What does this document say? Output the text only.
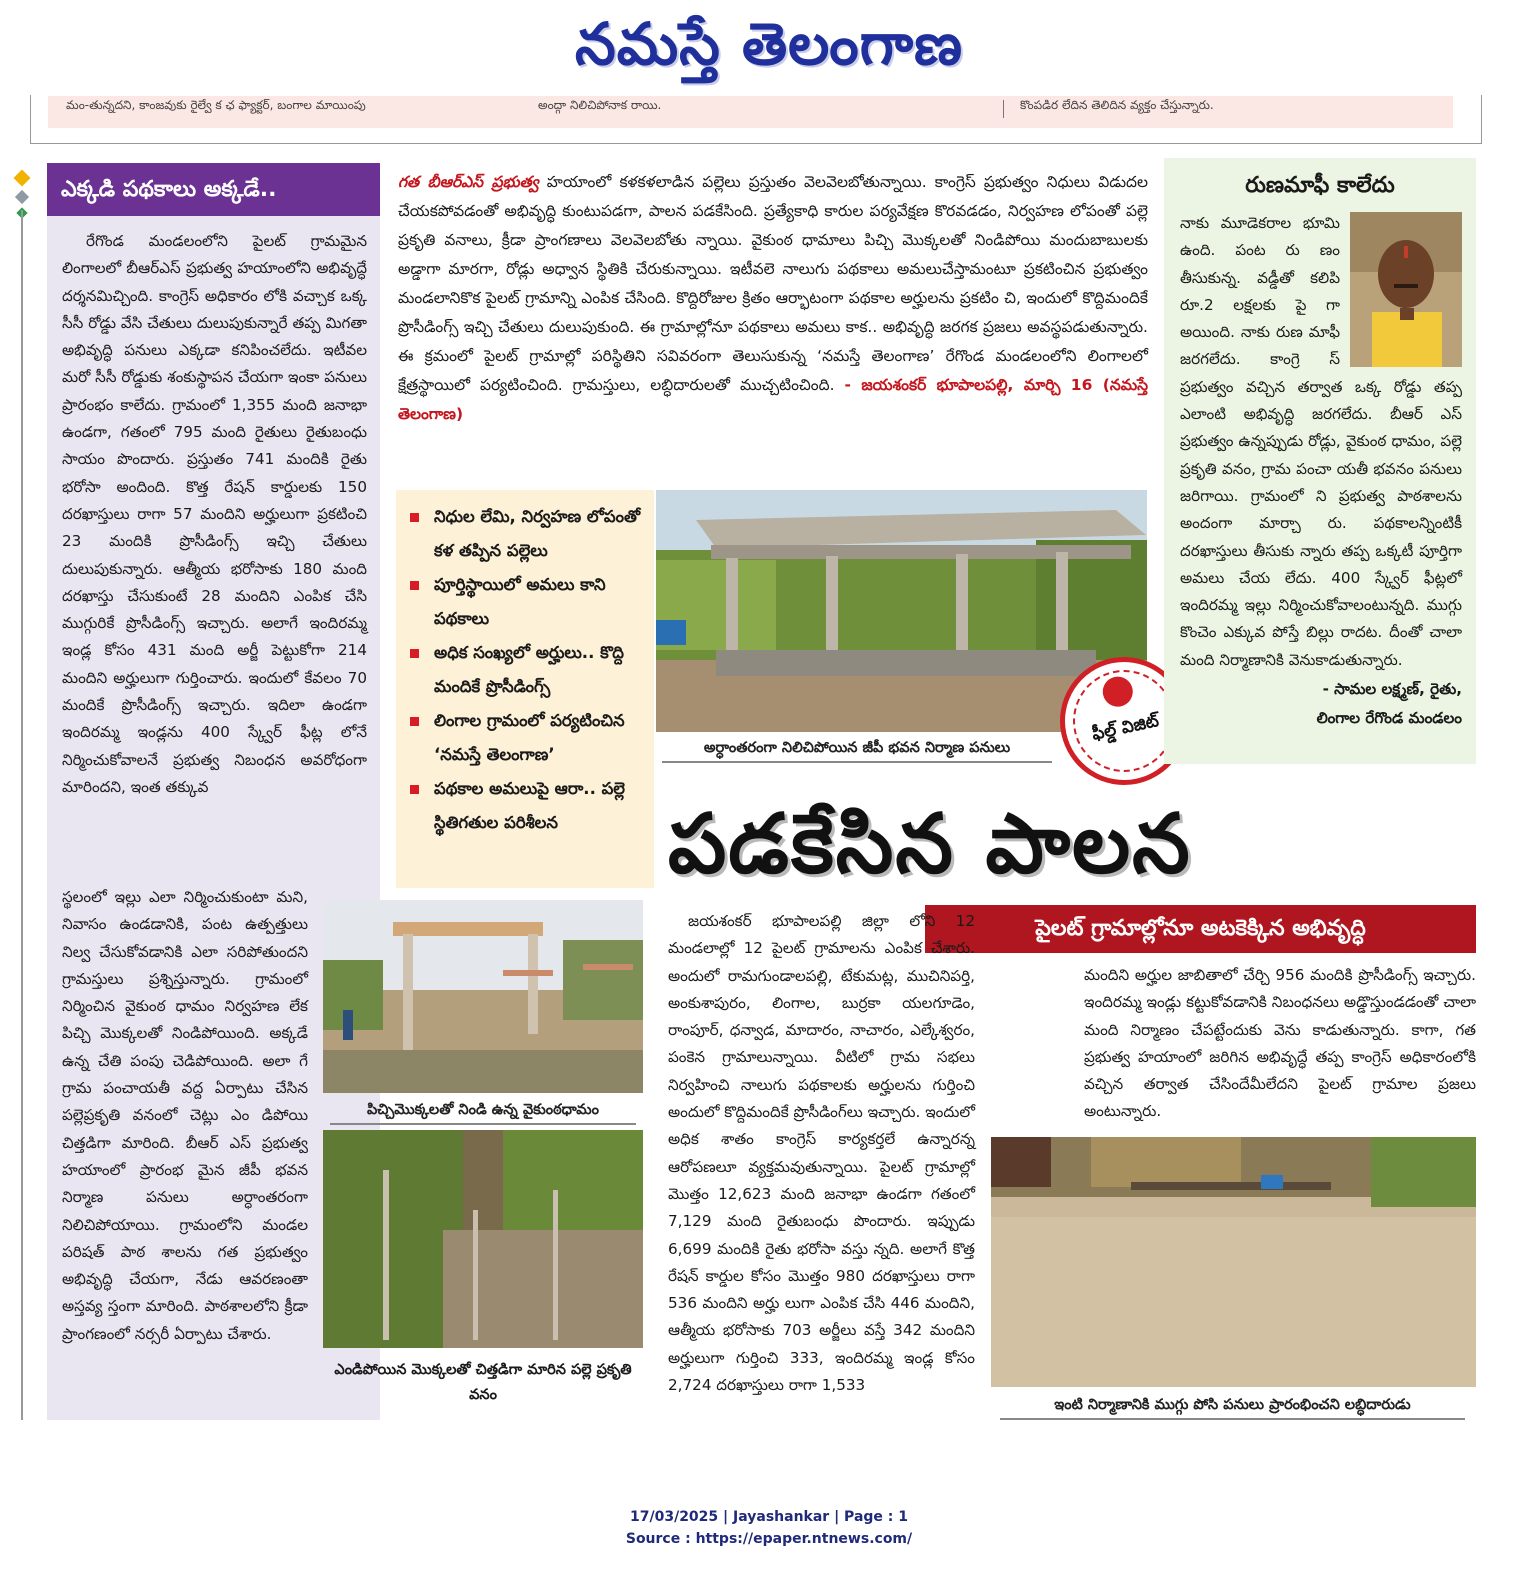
నమస్తే తెలంగాణ
మం-తున్నదని, కాంజవుకు రైల్వే క ఛ ఫ్యాక్టర్, బంగాల మాయింపు	అంద్గా నిలిచిపోనాక రాయి.	కొంపడిర లేదిన తెలిదిన వ్యక్తం చేస్తున్నారు.
ఎక్కడి పథకాలు అక్కడే..

రేగొండ మండలంలోని పైలట్ గ్రామమైన లింగాలలో బీఆర్‌ఎస్ ప్రభుత్వ హయాంలోని అభివృద్ధే దర్శనమిచ్చింది. కాంగ్రెస్ అధికారం లోకి వచ్చాక ఒక్క సీసీ రోడ్డు వేసి చేతులు దులుపుకున్నారే తప్ప మిగతా అభివృద్ధి పనులు ఎక్కడా కనిపించలేదు. ఇటీవల మరో సీసీ రోడ్డుకు శంకుస్థాపన చేయగా ఇంకా పనులు ప్రారంభం కాలేదు. గ్రామంలో 1,355 మంది జనాభా ఉండగా, గతంలో 795 మంది రైతులు రైతుబంధు సాయం పొందారు. ప్రస్తుతం 741 మందికి రైతు భరోసా అందింది. కొత్త రేషన్ కార్డులకు 150 దరఖాస్తులు రాగా 57 మందిని అర్హులుగా ప్రకటించి 23 మందికి ప్రొసీడింగ్స్ ఇచ్చి చేతులు దులుపుకున్నారు. ఆత్మీయ భరోసాకు 180 మంది దరఖాస్తు చేసుకుంటే 28 మందిని ఎంపిక చేసి ముగ్గురికే ప్రొసీడింగ్స్ ఇచ్చారు. అలాగే ఇందిరమ్మ ఇండ్ల కోసం 431 మంది అర్జీ పెట్టుకోగా 214 మందిని అర్హులుగా గుర్తించారు. ఇందులో కేవలం 70 మందికే ప్రొసీడింగ్స్ ఇచ్చారు. ఇదిలా ఉండగా ఇందిరమ్మ ఇండ్లను 400 స్క్వేర్ ఫీట్ల లోనే నిర్మించుకోవాలనే ప్రభుత్వ నిబంధన అవరోధంగా మారిందని, ఇంత తక్కువ

స్థలంలో ఇల్లు ఎలా నిర్మించుకుంటా మని, నివాసం ఉండడానికి, పంట ఉత్పత్తులు నిల్వ చేసుకోవడానికి ఎలా సరిపోతుందని గ్రామస్తులు ప్రశ్నిస్తున్నారు. గ్రామంలో నిర్మించిన వైకుంఠ ధామం నిర్వహణ లేక పిచ్చి మొక్కలతో నిండిపోయింది. అక్కడే ఉన్న చేతి పంపు చెడిపోయింది. అలా గే గ్రామ పంచాయతీ వద్ద ఏర్పాటు చేసిన పల్లెప్రకృతి వనంలో చెట్లు ఎం డిపోయి చిత్తడిగా మారింది. బీఆర్ ఎస్ ప్రభుత్వ హయాంలో ప్రారంభ మైన జీపీ భవన నిర్మాణ పనులు అర్ధాంతరంగా నిలిచిపోయాయి. గ్రామంలోని మండల పరిషత్ పాఠ శాలను గత ప్రభుత్వం అభివృద్ధి చేయగా, నేడు ఆవరణంతా అస్తవ్య స్తంగా మారింది. పాఠశాలలోని క్రీడా ప్రాంగణంలో నర్సరీ ఏర్పాటు చేశారు.

గత బీఆర్‌ఎస్ ప్రభుత్వ హయాంలో కళకళలాడిన పల్లెలు ప్రస్తుతం వెలవెలబోతున్నాయి. కాంగ్రెస్ ప్రభుత్వం నిధులు విడుదల చేయకపోవడంతో అభివృద్ధి కుంటుపడగా, పాలన పడకేసింది. ప్రత్యేకాధి కారుల పర్యవేక్షణ కొరవడడం, నిర్వహణ లోపంతో పల్లె ప్రకృతి వనాలు, క్రీడా ప్రాంగణాలు వెలవెలబోతు న్నాయి. వైకుంఠ ధామాలు పిచ్చి మొక్కలతో నిండిపోయి మందుబాబులకు అడ్డాగా మారగా, రోడ్లు అధ్వాన స్థితికి చేరుకున్నాయి. ఇటీవలె నాలుగు పథకాలు అమలుచేస్తామంటూ ప్రకటించిన ప్రభుత్వం మండలానికొక పైలట్ గ్రామాన్ని ఎంపిక చేసింది. కొద్దిరోజుల క్రితం ఆర్భాటంగా పథకాల అర్హులను ప్రకటిం చి, ఇందులో కొద్దిమందికే ప్రొసీడింగ్స్ ఇచ్చి చేతులు దులుపుకుంది. ఈ గ్రామాల్లోనూ పథకాలు అమలు కాక.. అభివృద్ధి జరగక ప్రజలు అవస్థపడుతున్నారు. ఈ క్రమంలో పైలట్ గ్రామాల్లో పరిస్థితిని సవివరంగా తెలుసుకున్న ‘నమస్తే తెలంగాణ’ రేగొండ మండలంలోని లింగాలలో క్షేత్రస్థాయిలో పర్యటించింది. గ్రామస్తులు, లబ్ధిదారులతో ముచ్చటించింది. - జయశంకర్ భూపాలపల్లి, మార్చి 16 (నమస్తే తెలంగాణ)
నిధుల లేమి, నిర్వహణ లోపంతో కళ తప్పిన పల్లెలు
పూర్తిస్థాయిలో అమలు కాని పథకాలు
అధిక సంఖ్యలో అర్హులు.. కొద్ది మందికే ప్రొసీడింగ్స్
లింగాల గ్రామంలో పర్యటించిన ‘నమస్తే తెలంగాణ’
పథకాల అమలుపై ఆరా.. పల్లె స్థితిగతుల పరిశీలన
అర్ధాంతరంగా నిలిచిపోయిన జీపీ భవన నిర్మాణ పనులు
ఫీల్డ్ విజిట్
రుణమాఫీ కాలేదు
నాకు మూడెకరాల భూమి ఉంది. పంట రు ణం తీసుకున్న. వడ్డీతో కలిపి రూ.2 లక్షలకు పై గా అయింది. నాకు రుణ మాఫీ జరగలేదు. కాంగ్రె స్ ప్రభుత్వం వచ్చిన తర్వాత ఒక్క రోడ్డు తప్ప ఎలాంటి అభివృద్ధి జరగలేదు. బీఆర్ ఎస్ ప్రభుత్వం ఉన్నప్పుడు రోడ్లు, వైకుంఠ ధామం, పల్లె ప్రకృతి వనం, గ్రామ పంచా యతీ భవనం పనులు జరిగాయి. గ్రామంలో ని ప్రభుత్వ పాఠశాలను అందంగా మార్చా రు. పథకాలన్నింటికీ దరఖాస్తులు తీసుకు న్నారు తప్ప ఒక్కటీ పూర్తిగా అమలు చేయ లేదు. 400 స్క్వేర్ ఫీట్లలో ఇందిరమ్మ ఇల్లు నిర్మించుకోవాలంటున్నది. ముగ్గు కొంచెం ఎక్కువ పోస్తే బిల్లు రాదట. దీంతో చాలా మంది నిర్మాణానికి వెనుకాడుతున్నారు.
- సామల లక్ష్మణ్, రైతు,
లింగాల రేగొండ మండలం
పడకేసిన పాలన
పైలట్ గ్రామాల్లోనూ అటకెక్కిన అభివృద్ధి
పిచ్చిమొక్కలతో నిండి ఉన్న వైకుంఠధామం
ఎండిపోయిన మొక్కలతో చిత్తడిగా మారిన పల్లె ప్రకృతి వనం
జయశంకర్ భూపాలపల్లి జిల్లా లోని 12 మండలాల్లో 12 పైలట్ గ్రామాలను ఎంపిక చేశారు. అందులో రామగుండాలపల్లి, టేకుమట్ల, ముచినిపర్తి, అంకుశాపురం, లింగాల, బుర్రకా యలగూడెం, రాంపూర్, ధన్వాడ, మాదారం, నాచారం, ఎల్కేశ్వరం, పంకెన గ్రామాలున్నాయి. వీటిలో గ్రామ సభలు నిర్వహించి నాలుగు పథకాలకు అర్హులను గుర్తించి అందులో కొద్దిమందికే ప్రొసీడింగ్‌లు ఇచ్చారు. ఇందులో అధిక శాతం కాంగ్రెస్ కార్యకర్తలే ఉన్నారన్న ఆరోపణలూ వ్యక్తమవుతున్నాయి. పైలట్ గ్రామాల్లో మొత్తం 12,623 మంది జనాభా ఉండగా గతంలో 7,129 మంది రైతుబంధు పొందారు. ఇప్పుడు 6,699 మందికి రైతు భరోసా వస్తు న్నది. అలాగే కొత్త రేషన్ కార్డుల కోసం మొత్తం 980 దరఖాస్తులు రాగా 536 మందిని అర్హు లుగా ఎంపిక చేసి 446 మందిని, ఆత్మీయ భరోసాకు 703 అర్జీలు వస్తే 342 మందిని అర్హులుగా గుర్తించి 333, ఇందిరమ్మ ఇండ్ల కోసం 2,724 దరఖాస్తులు రాగా 1,533
మందిని అర్హుల జాబితాలో చేర్చి 956 మందికి ప్రొసీడింగ్స్ ఇచ్చారు. ఇందిరమ్మ ఇండ్లు కట్టుకోవడానికి నిబంధనలు అడ్డొస్తుండడంతో చాలా మంది నిర్మాణం చేపట్టేందుకు వెను కాడుతున్నారు. కాగా, గత ప్రభుత్వ హయాంలో జరిగిన అభివృద్ధే తప్ప కాంగ్రెస్ అధికారంలోకి వచ్చిన తర్వాత చేసిందేమీలేదని పైలట్ గ్రామాల ప్రజలు అంటున్నారు.
ఇంటి నిర్మాణానికి ముగ్గు పోసి పనులు ప్రారంభించని లబ్ధిదారుడు
17/03/2025 | Jayashankar | Page : 1
Source : https://epaper.ntnews.com/
